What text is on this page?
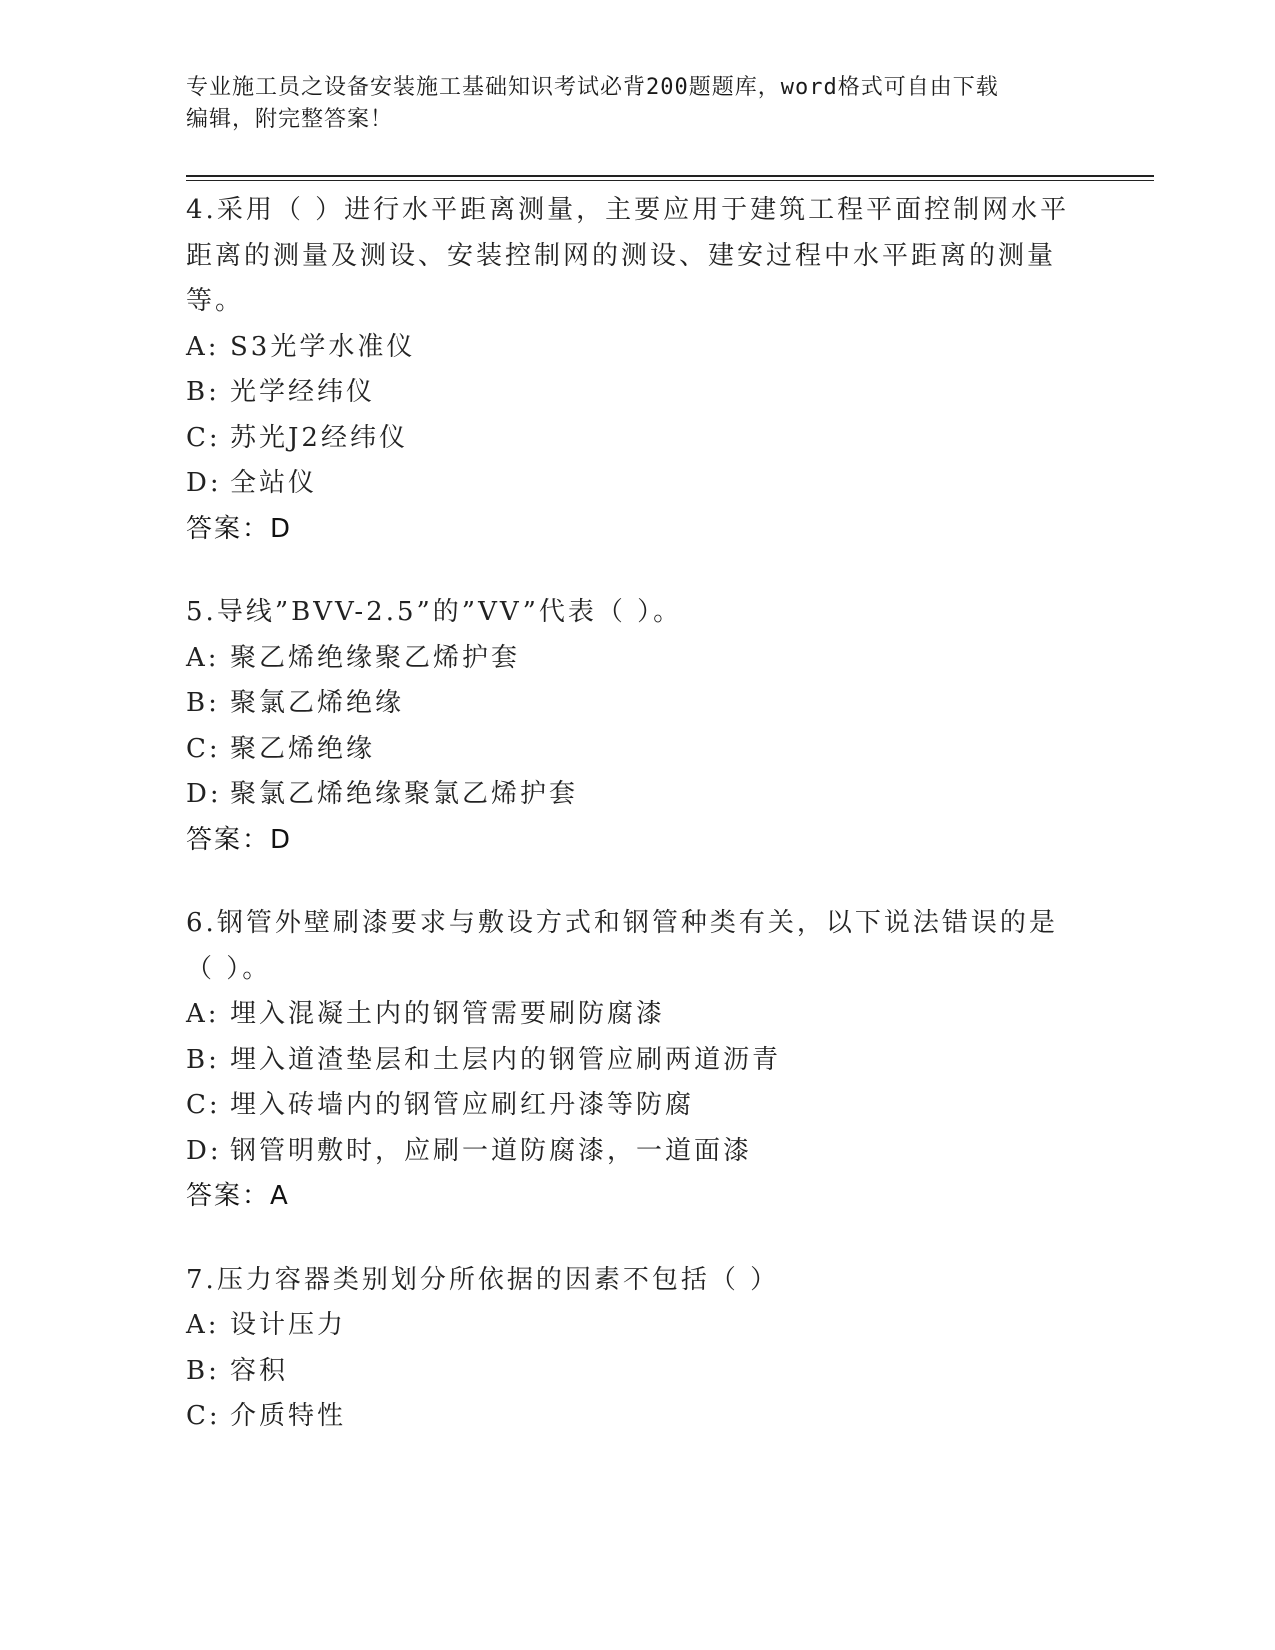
专业施工员之设备安装施工基础知识考试必背200题题库，word格式可自由下载
编辑，附完整答案！
4.采用（ ）进行水平距离测量，主要应用于建筑工程平面控制网水平距离的测量及测设、安装控制网的测设、建安过程中水平距离的测量等。
A: S3光学水准仪
B: 光学经纬仪
C: 苏光J2经纬仪
D: 全站仪
答案：D
5.导线”BVV-2.5”的”VV”代表（ ）。
A: 聚乙烯绝缘聚乙烯护套
B: 聚氯乙烯绝缘
C: 聚乙烯绝缘
D: 聚氯乙烯绝缘聚氯乙烯护套
答案：D
6.钢管外壁刷漆要求与敷设方式和钢管种类有关，以下说法错误的是（ ）。
A: 埋入混凝土内的钢管需要刷防腐漆
B: 埋入道渣垫层和土层内的钢管应刷两道沥青
C: 埋入砖墙内的钢管应刷红丹漆等防腐
D: 钢管明敷时，应刷一道防腐漆，一道面漆
答案：A
7.压力容器类别划分所依据的因素不包括（ ）
A: 设计压力
B: 容积
C: 介质特性
